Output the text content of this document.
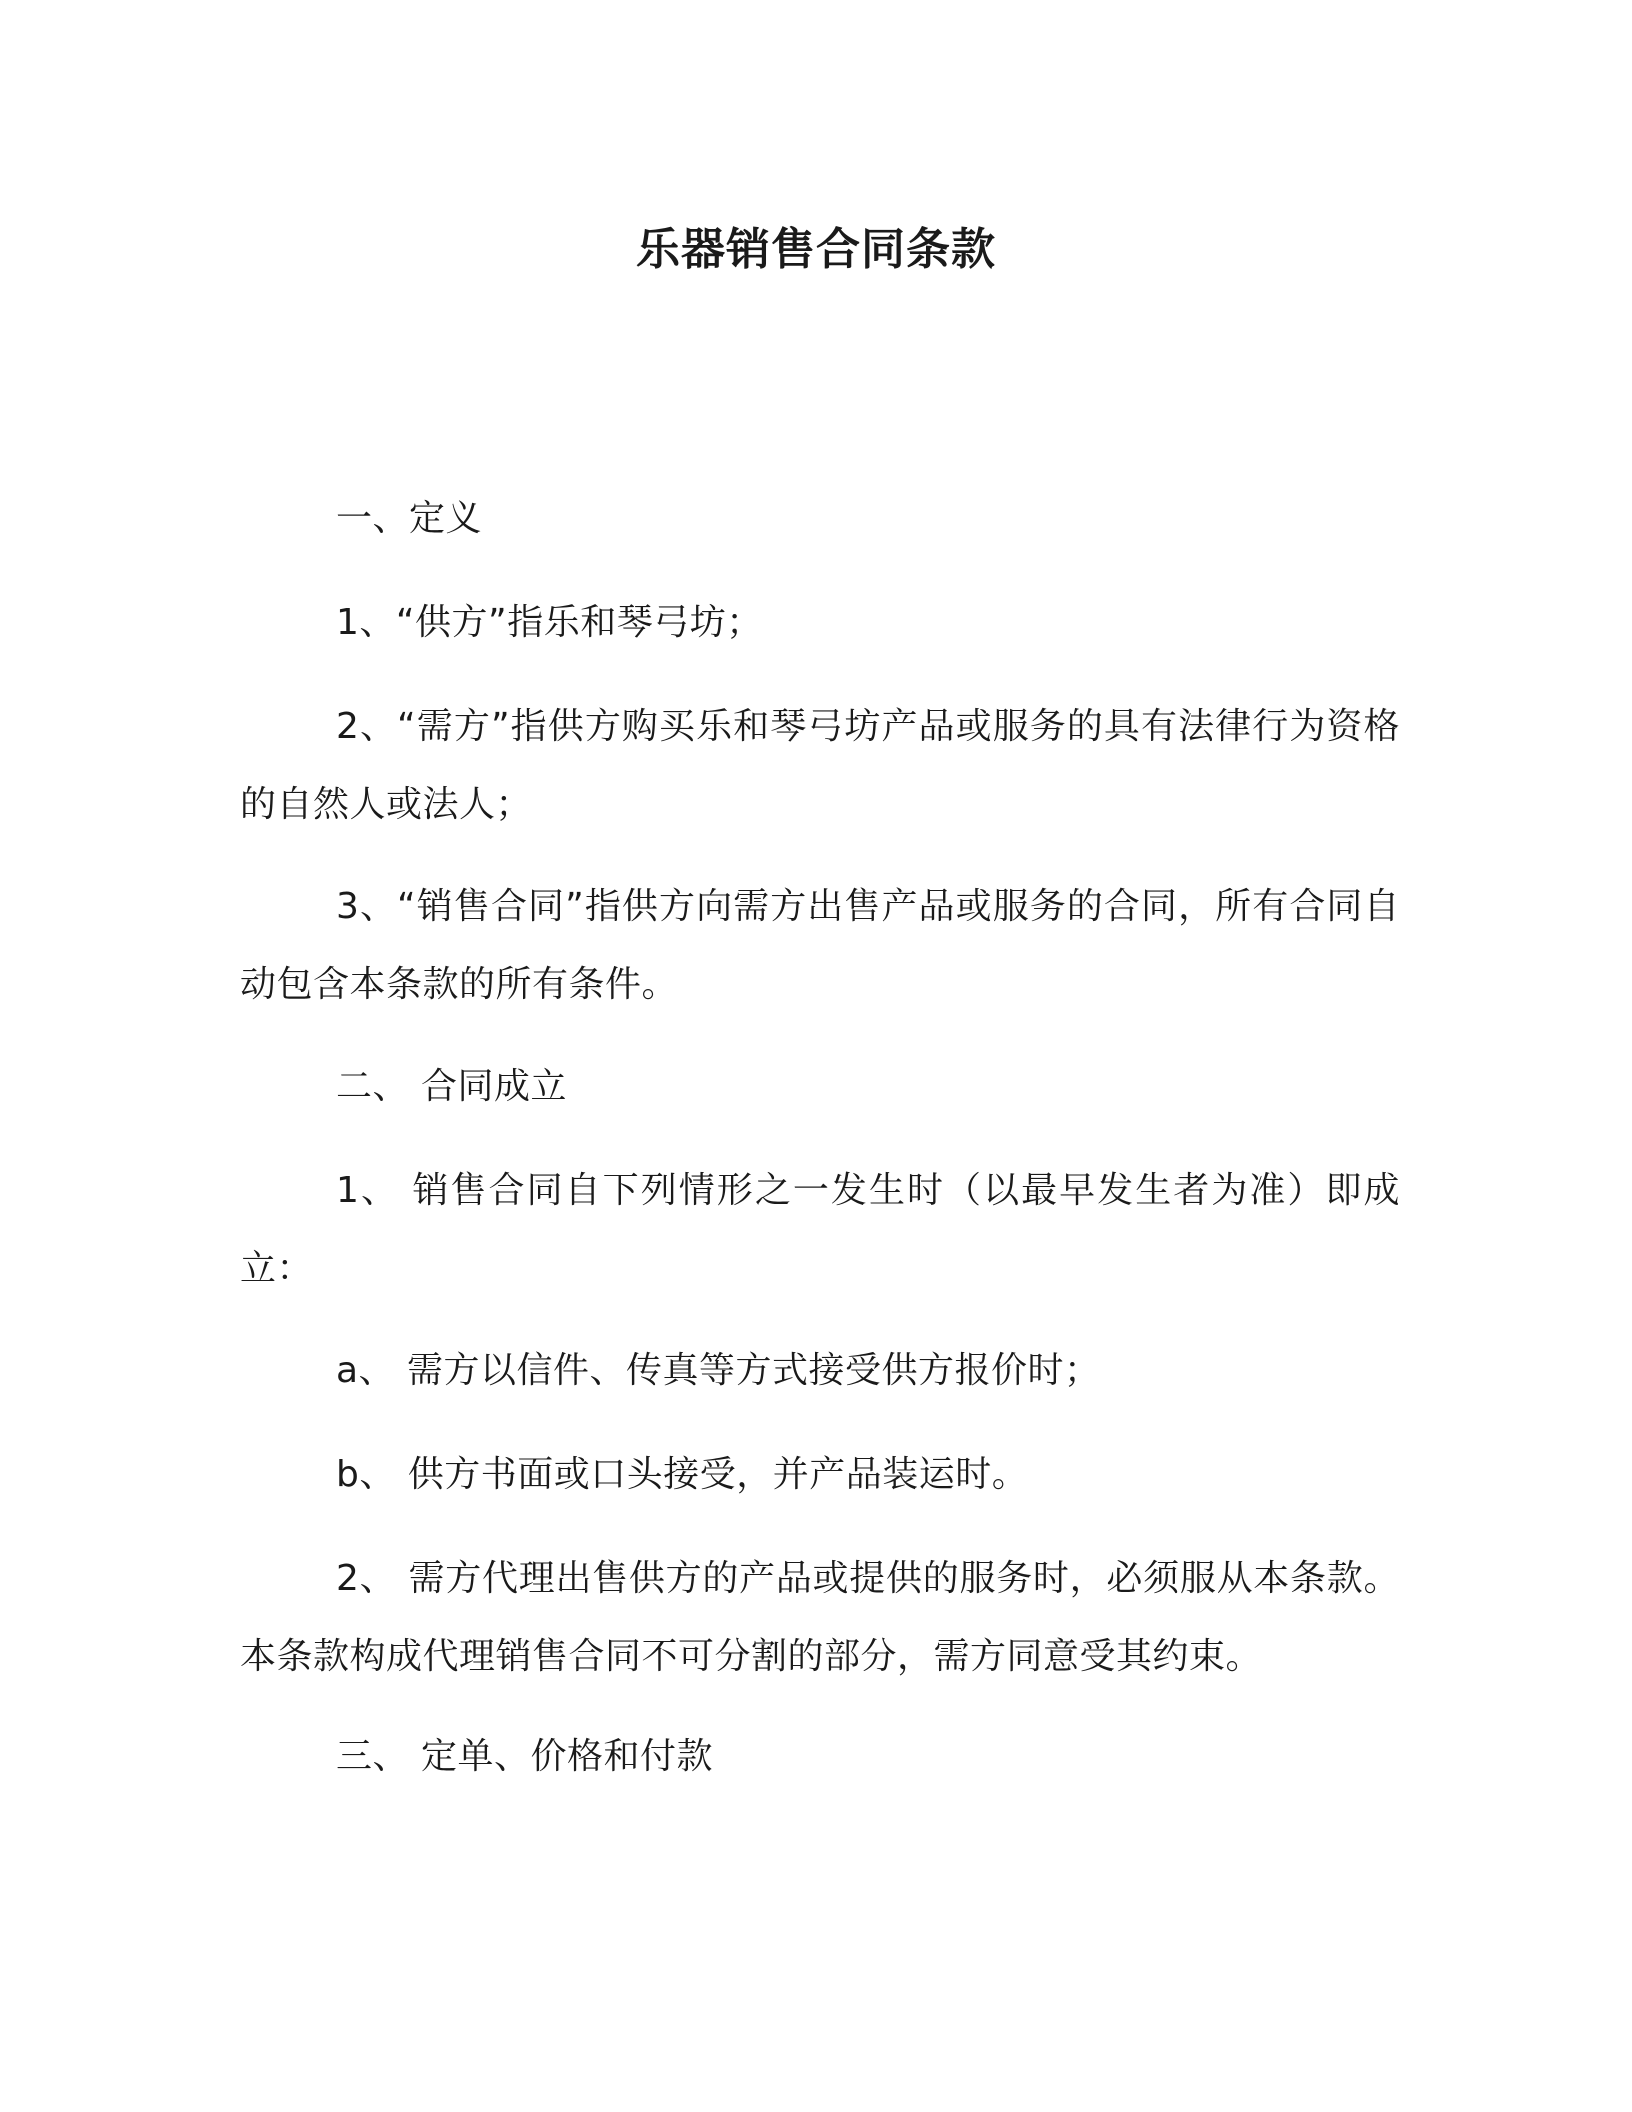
乐器销售合同条款
一、定义
1、“供方”指乐和琴弓坊；
2、“需方”指供方购买乐和琴弓坊产品或服务的具有法律行为资格的自然人或法人；
3、“销售合同”指供方向需方出售产品或服务的合同，所有合同自动包含本条款的所有条件。
二、 合同成立
1、 销售合同自下列情形之一发生时（以最早发生者为准）即成立：
a、 需方以信件、传真等方式接受供方报价时；
b、 供方书面或口头接受，并产品装运时。
2、 需方代理出售供方的产品或提供的服务时，必须服从本条款。本条款构成代理销售合同不可分割的部分，需方同意受其约束。
三、 定单、价格和付款
